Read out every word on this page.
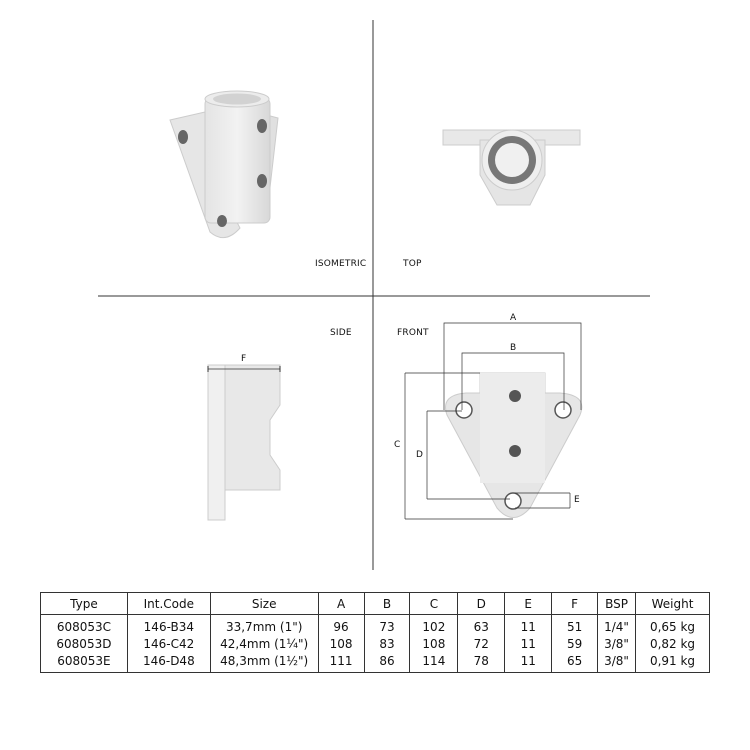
ISOMETRIC	TOP
SIDE	FRONT
A
B
C
D
E
F
Type	Int.Code	Size	A	B	C	D	E	F	BSP	Weight
608053C	146-B34	33,7mm (1")	96	73	102	63	11	51	1/4"	0,65 kg
608053D	146-C42	42,4mm (1¼")	108	83	108	72	11	59	3/8"	0,82 kg
608053E	146-D48	48,3mm (1½")	111	86	114	78	11	65	3/8"	0,91 kg
